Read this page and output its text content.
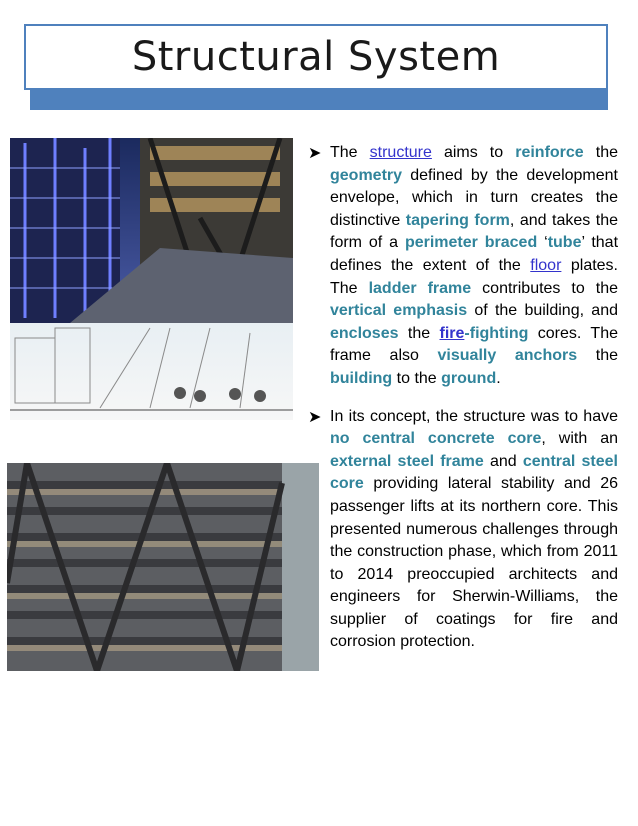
Structural System
➤ The structure aims to reinforce the geometry defined by the development envelope, which in turn creates the distinctive tapering form, and takes the form of a perimeter braced ‘tube’ that defines the extent of the floor plates. The ladder frame contributes to the vertical emphasis of the building, and encloses the fire-fighting cores. The frame also visually anchors the building to the ground.

➤ In its concept, the structure was to have no central concrete core, with an external steel frame and central steel core providing lateral stability and 26 passenger lifts at its northern core. This presented numerous challenges through the construction phase, which from 2011 to 2014 preoccupied architects and engineers for Sherwin-Williams, the supplier of coatings for fire and corrosion protection.
